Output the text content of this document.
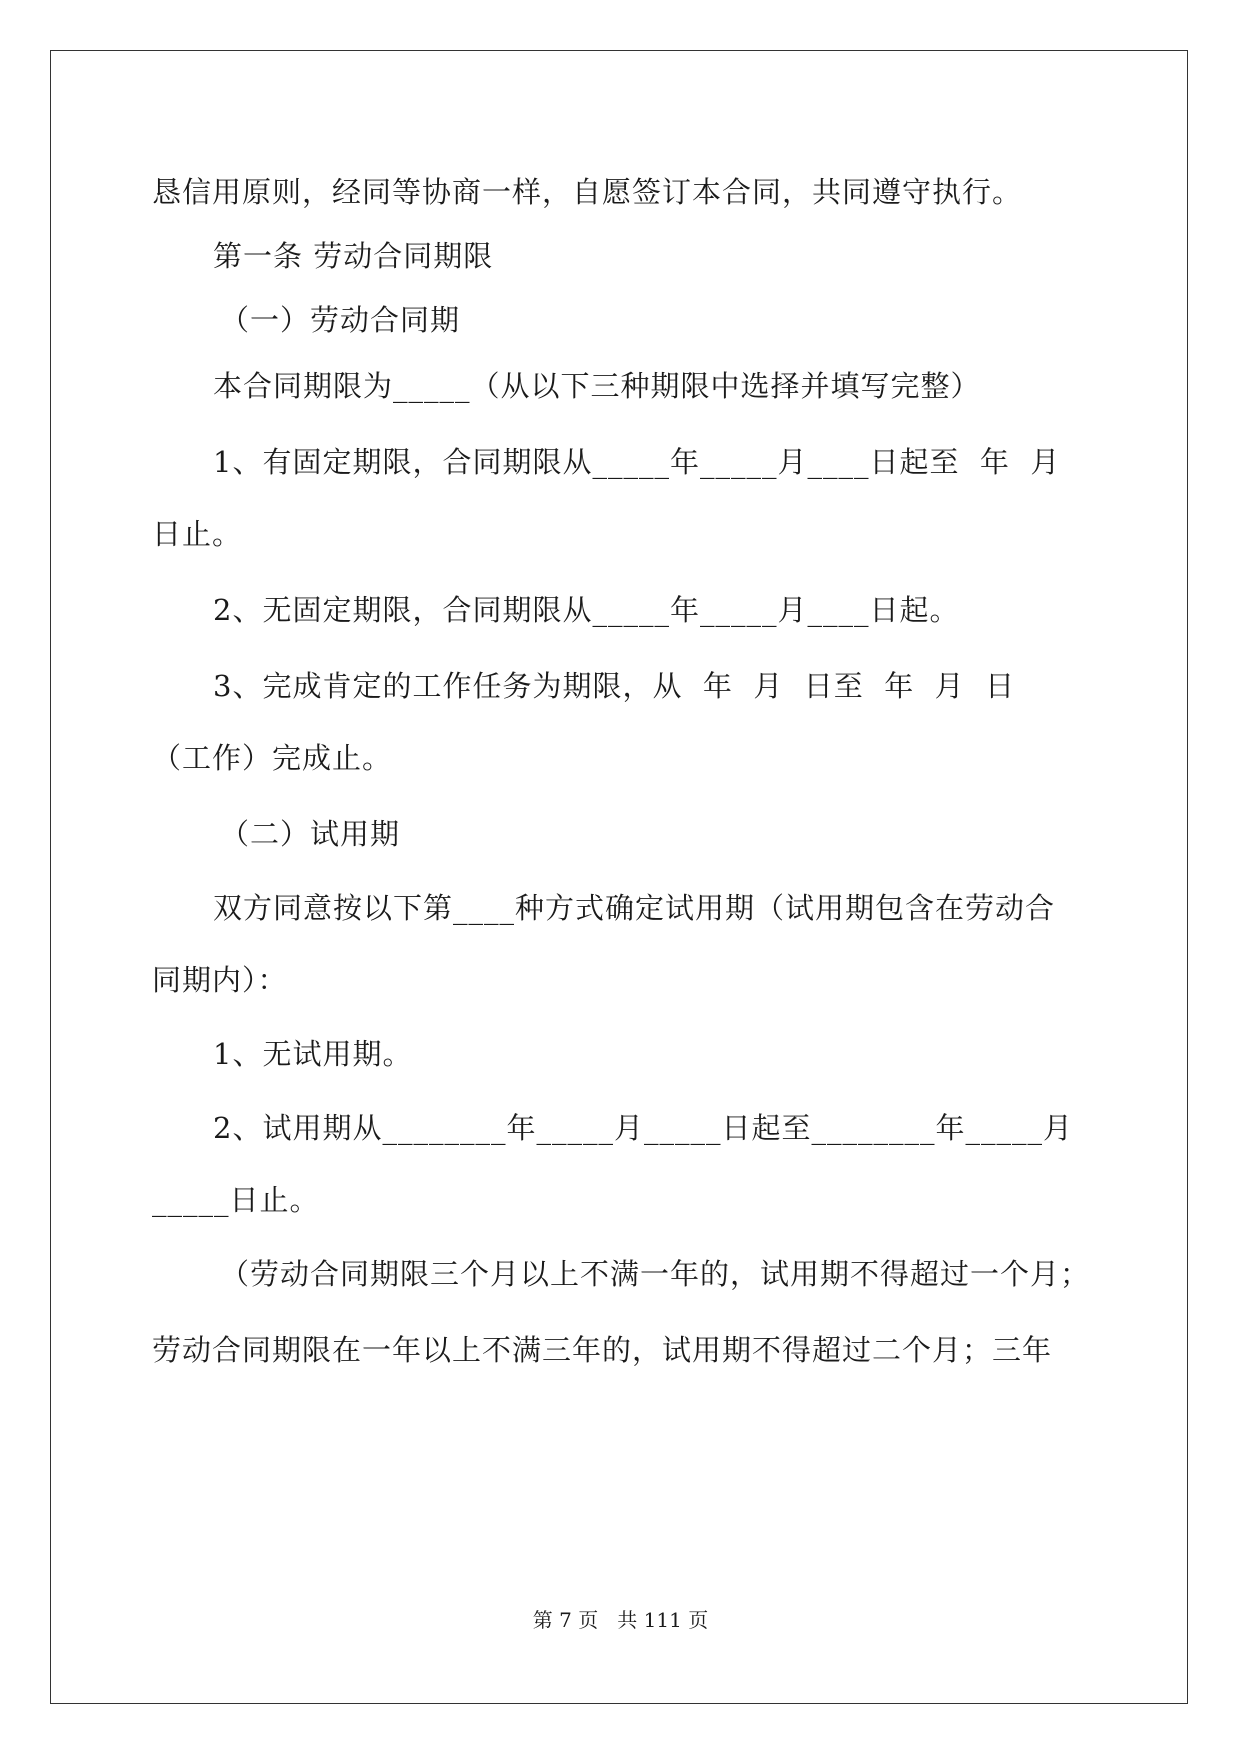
恳信用原则，经同等协商一样，自愿签订本合同，共同遵守执行。
第一条 劳动合同期限
（一）劳动合同期
本合同期限为_____（从以下三种期限中选择并填写完整）
1、有固定期限，合同期限从_____年_____月____日起至  年  月
日止。
2、无固定期限，合同期限从_____年_____月____日起。
3、完成肯定的工作任务为期限，从  年  月  日至  年  月  日
（工作）完成止。
（二）试用期
双方同意按以下第____种方式确定试用期（试用期包含在劳动合
同期内）：
1、无试用期。
2、试用期从________年_____月_____日起至________年_____月
_____日止。
（劳动合同期限三个月以上不满一年的，试用期不得超过一个月；
劳动合同期限在一年以上不满三年的，试用期不得超过二个月；三年
第 7 页   共 111 页
